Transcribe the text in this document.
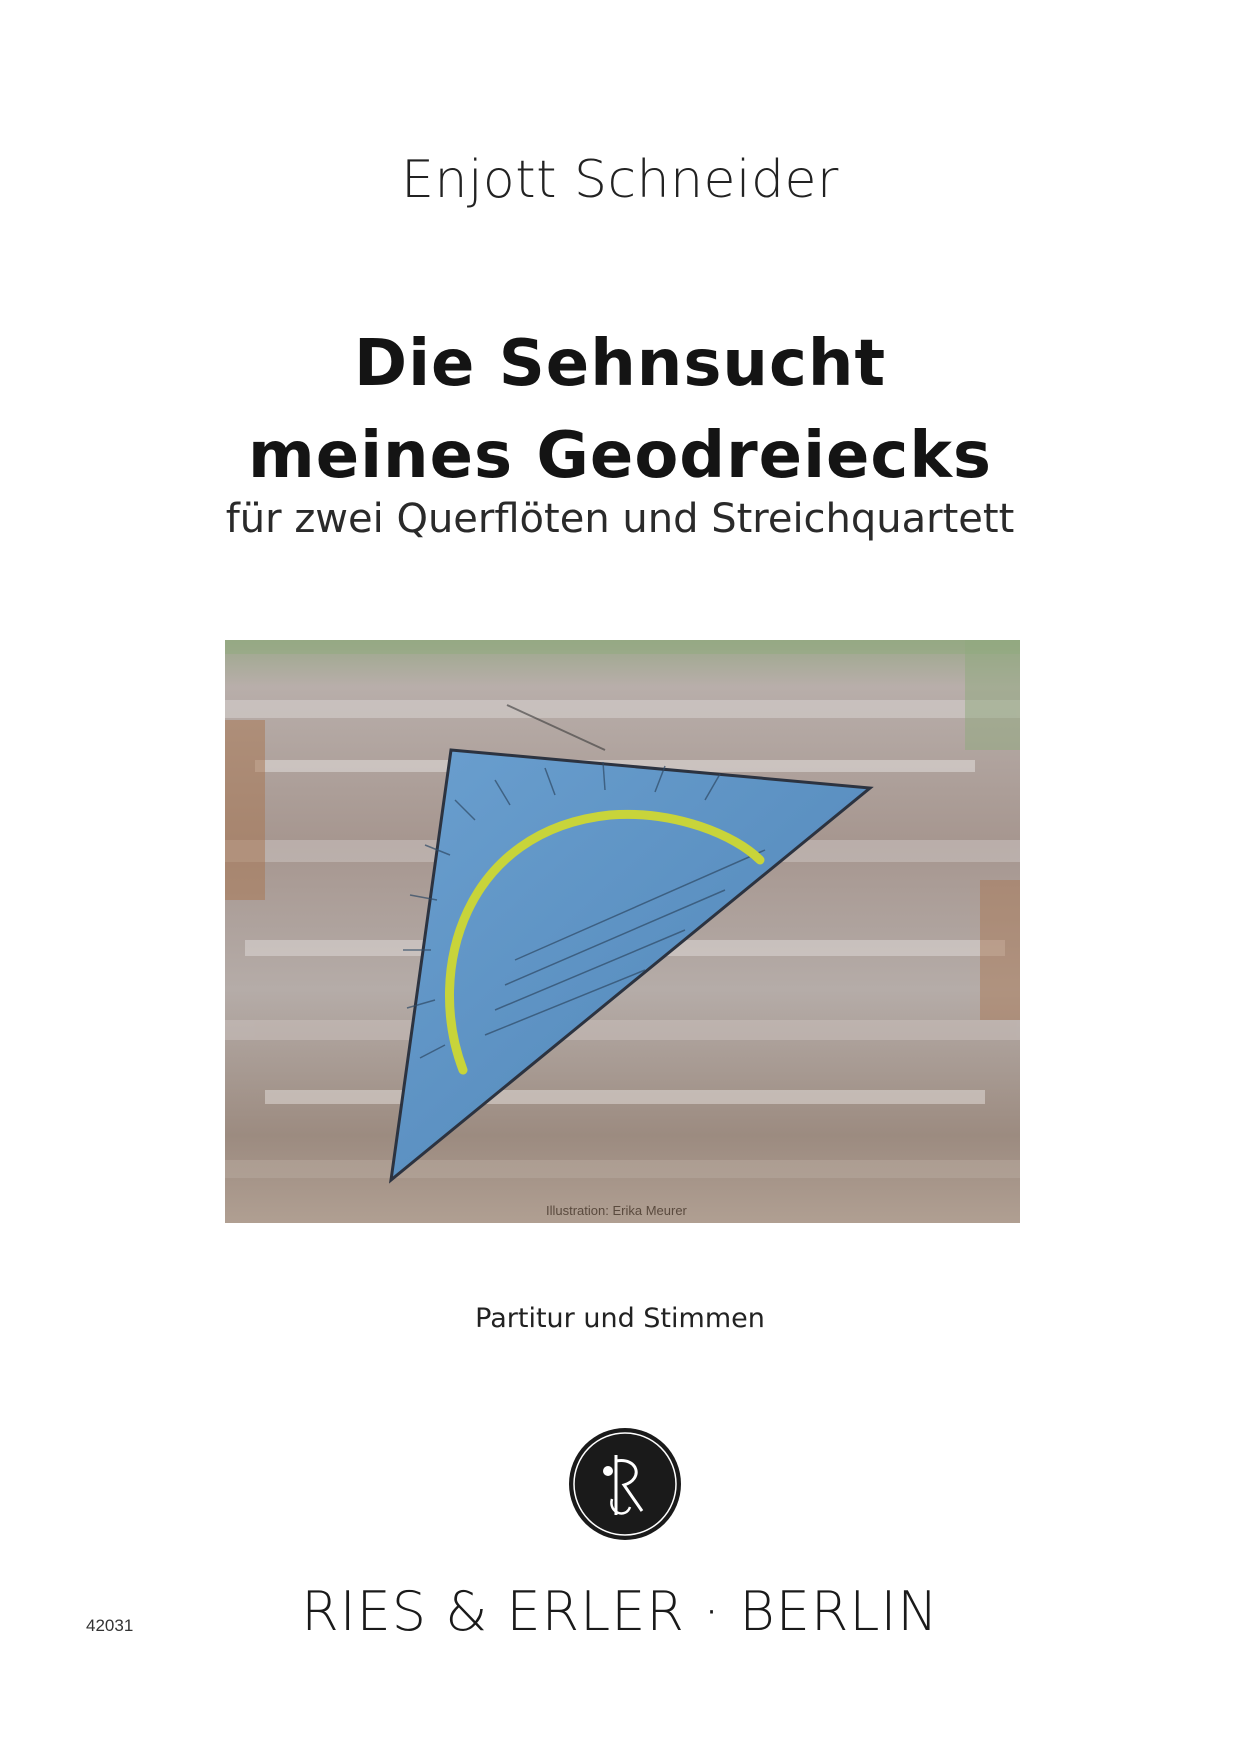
Enjott Schneider
Die Sehnsucht
meines Geodreiecks
für zwei Querflöten und Streichquartett
Illustration: Erika Meurer
Partitur und Stimmen
RIES & ERLER · BERLIN
42031
